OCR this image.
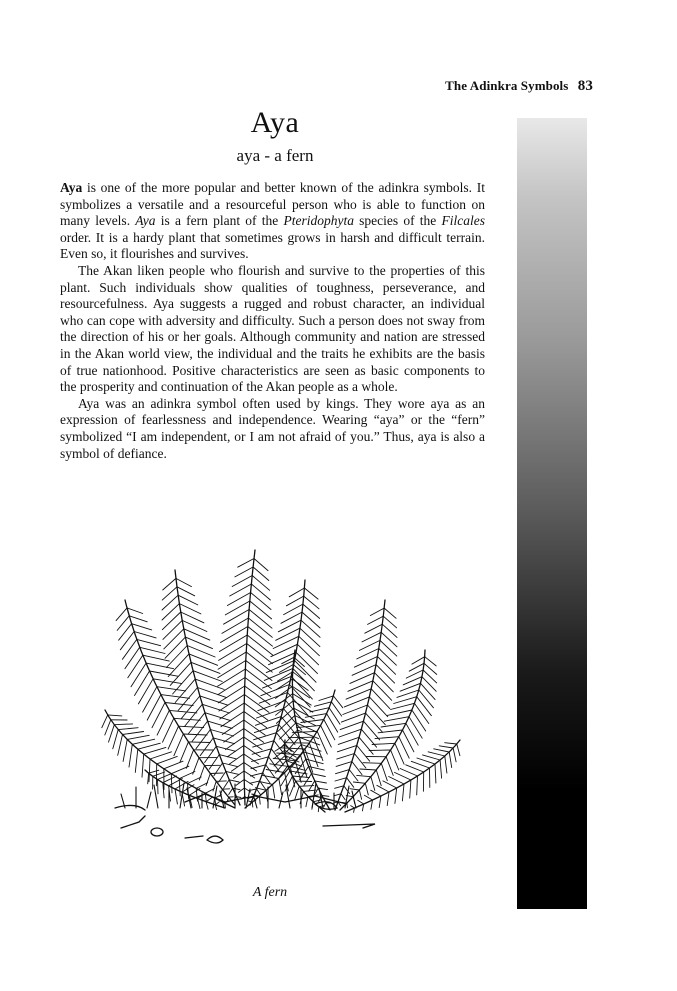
The Adinkra Symbols 83
Aya
aya - a fern

Aya is one of the more popular and better known of the adinkra symbols. It symbolizes a versatile and a resourceful person who is able to function on many levels. Aya is a fern plant of the Pteridophyta species of the Filcales order. It is a hardy plant that sometimes grows in harsh and difficult terrain. Even so, it flourishes and survives.

The Akan liken people who flourish and survive to the properties of this plant. Such individuals show qualities of toughness, perseverance, and resourcefulness. Aya suggests a rugged and robust character, an individual who can cope with adversity and difficulty. Such a person does not sway from the direction of his or her goals. Although community and nation are stressed in the Akan world view, the individual and the traits he exhibits are the basis of true nationhood. Positive characteristics are seen as basic components to the prosperity and continuation of the Akan people as a whole.

Aya was an adinkra symbol often used by kings. They wore aya as an expression of fearlessness and independence. Wearing “aya” or the “fern” symbolized “I am independent, or I am not afraid of you.” Thus, aya is also a symbol of defiance.

A fern
